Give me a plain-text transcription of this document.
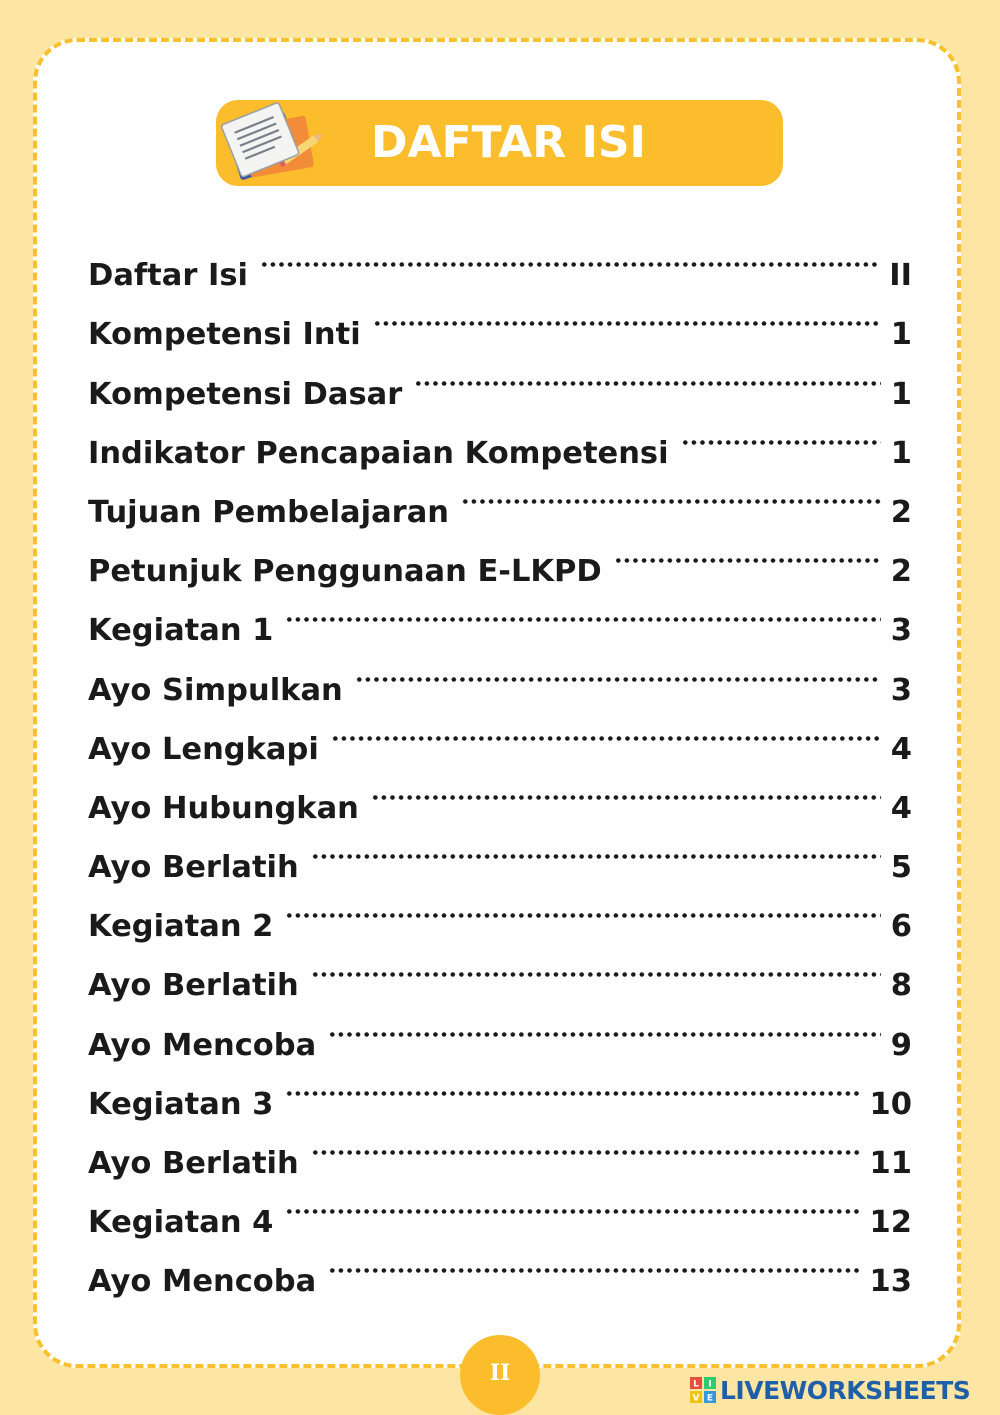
DAFTAR ISI
Daftar Isi	II
Kompetensi Inti	1
Kompetensi Dasar	1
Indikator Pencapaian Kompetensi	1
Tujuan Pembelajaran	2
Petunjuk Penggunaan E-LKPD	2
Kegiatan 1	3
Ayo Simpulkan	3
Ayo Lengkapi	4
Ayo Hubungkan	4
Ayo Berlatih	5
Kegiatan 2	6
Ayo Berlatih	8
Ayo Mencoba	9
Kegiatan 3	10
Ayo Berlatih	11
Kegiatan 4	12
Ayo Mencoba	13
II	L I
V E LIVEWORKSHEETS
